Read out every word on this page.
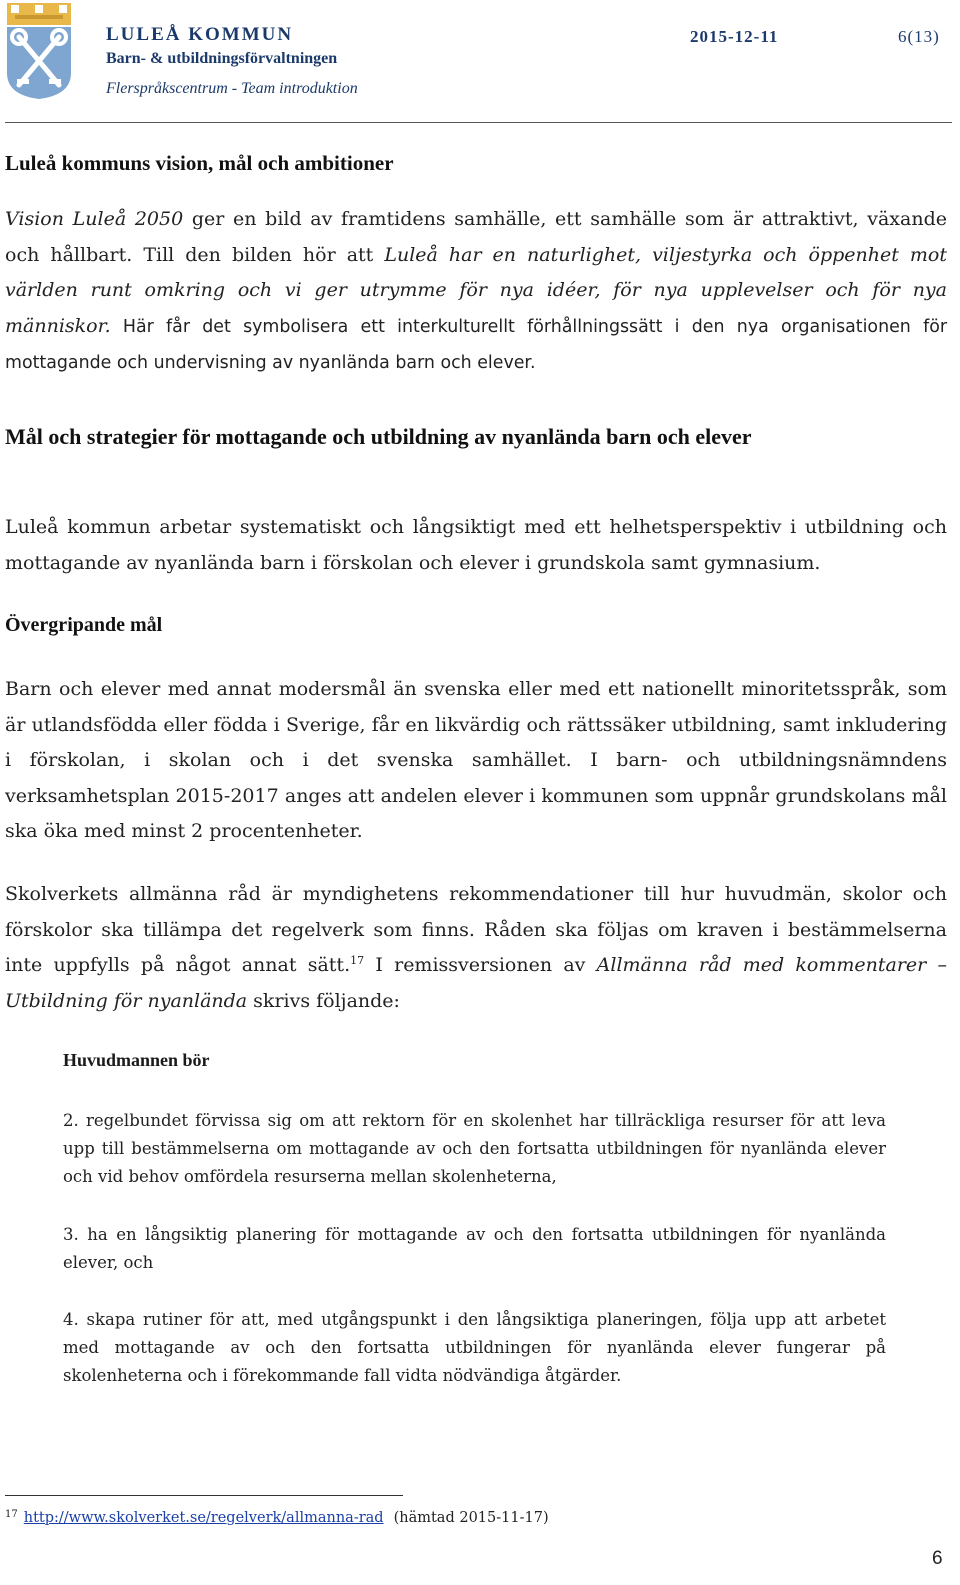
LULEÅ KOMMUN
Barn- & utbildningsförvaltningen
Flerspråkscentrum - Team introduktion
2015-12-11	6(13)
Luleå kommuns vision, mål och ambitioner
Vision Luleå 2050 ger en bild av framtidens samhälle, ett samhälle som är attraktivt, växande och hållbart. Till den bilden hör att Luleå har en naturlighet, viljestyrka och öppenhet mot världen runt omkring och vi ger utrymme för nya idéer, för nya upplevelser och för nya människor. Här får det symbolisera ett interkulturellt förhållningssätt i den nya organisationen för mottagande och undervisning av nyanlända barn och elever.
Mål och strategier för mottagande och utbildning av nyanlända barn och elever
Luleå kommun arbetar systematiskt och långsiktigt med ett helhetsperspektiv i utbildning och mottagande av nyanlända barn i förskolan och elever i grundskola samt gymnasium.
Övergripande mål
Barn och elever med annat modersmål än svenska eller med ett nationellt minoritetsspråk, som är utlandsfödda eller födda i Sverige, får en likvärdig och rättssäker utbildning, samt inkludering i förskolan, i skolan och i det svenska samhället. I barn- och utbildningsnämndens verksamhetsplan 2015-2017 anges att andelen elever i kommunen som uppnår grundskolans mål ska öka med minst 2 procentenheter.
Skolverkets allmänna råd är myndighetens rekommendationer till hur huvudmän, skolor och förskolor ska tillämpa det regelverk som finns. Råden ska följas om kraven i bestämmelserna inte uppfylls på något annat sätt.$^{17}$ I remissversionen av Allmänna råd med kommentarer – Utbildning för nyanlända skrivs följande:
Huvudmannen bör
2. regelbundet förvissa sig om att rektorn för en skolenhet har tillräckliga resurser för att leva upp till bestämmelserna om mottagande av och den fortsatta utbildningen för nyanlända elever och vid behov omfördela resurserna mellan skolenheterna,
3. ha en långsiktig planering för mottagande av och den fortsatta utbildningen för nyanlända elever, och
4. skapa rutiner för att, med utgångspunkt i den långsiktiga planeringen, följa upp att arbetet med mottagande av och den fortsatta utbildningen för nyanlända elever fungerar på skolenheterna och i förekommande fall vidta nödvändiga åtgärder.
$^{17}$ http://www.skolverket.se/regelverk/allmanna-rad (hämtad 2015-11-17)
6
